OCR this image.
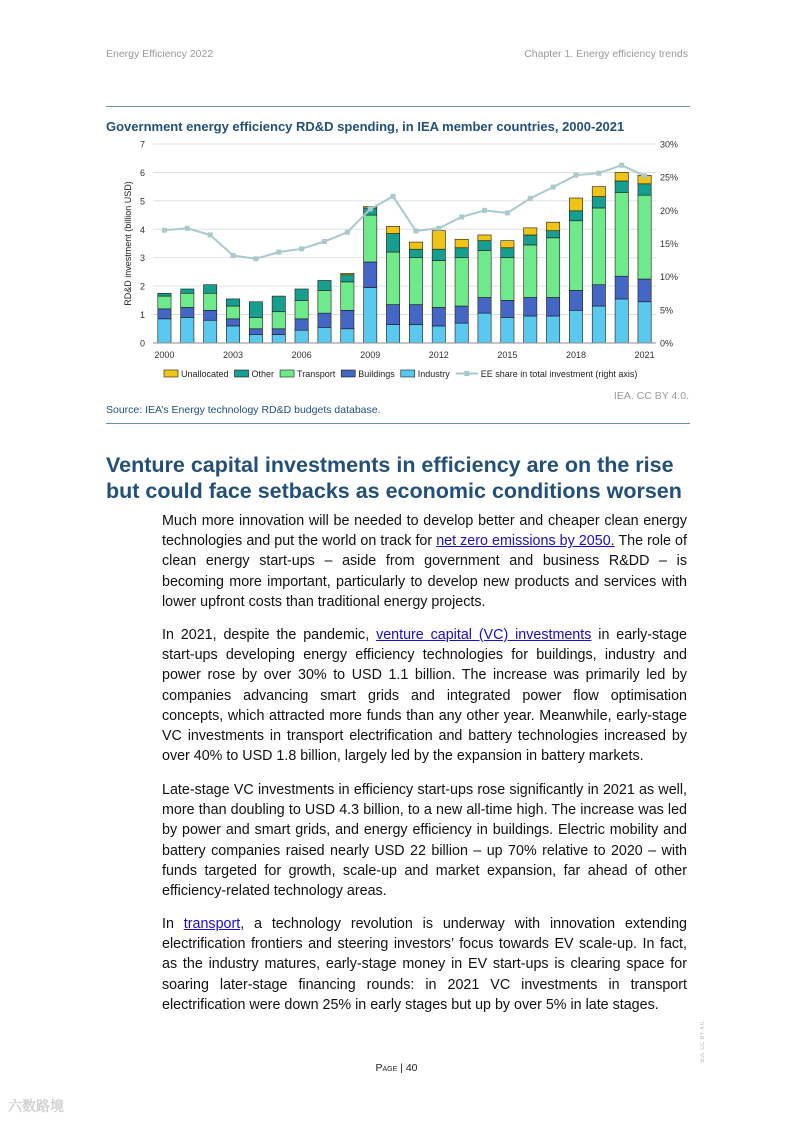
Energy Efficiency 2022	Chapter 1. Energy efficiency trends
Government energy efficiency RD&D spending, in IEA member countries, 2000-2021
0
1
2
3
4
5
6
7
0%
5%
10%
15%
20%
25%
30%
RD&D investment (billion USD)
2000	2003	2006	2009	2012	2015	2018	2021
Unallocated	Other	Transport	Buildings	Industry	EE share in total investment (right axis)
IEA. CC BY 4.0.
Source: IEA’s Energy technology RD&D budgets database.
Venture capital investments in efficiency are on the rise but could face setbacks as economic conditions worsen

Much more innovation will be needed to develop better and cheaper clean energy technologies and put the world on track for net zero emissions by 2050. The role of clean energy start-ups – aside from government and business R&DD – is becoming more important, particularly to develop new products and services with lower upfront costs than traditional energy projects.

In 2021, despite the pandemic, venture capital (VC) investments in early-stage start-ups developing energy efficiency technologies for buildings, industry and power rose by over 30% to USD 1.1 billion. The increase was primarily led by companies advancing smart grids and integrated power flow optimisation concepts, which attracted more funds than any other year. Meanwhile, early-stage VC investments in transport electrification and battery technologies increased by over 40% to USD 1.8 billion, largely led by the expansion in battery markets.

Late-stage VC investments in efficiency start-ups rose significantly in 2021 as well, more than doubling to USD 4.3 billion, to a new all-time high. The increase was led by power and smart grids, and energy efficiency in buildings. Electric mobility and battery companies raised nearly USD 22 billion – up 70% relative to 2020 – with funds targeted for growth, scale-up and market expansion, far ahead of other efficiency-related technology areas.

In transport, a technology revolution is underway with innovation extending electrification frontiers and steering investors’ focus towards EV scale-up. In fact, as the industry matures, early-stage money in EV start-ups is clearing space for soaring later-stage financing rounds: in 2021 VC investments in transport electrification were down 25% in early stages but up by over 5% in late stages.

Page | 40
IEA. CC BY 4.0.
六数路境
